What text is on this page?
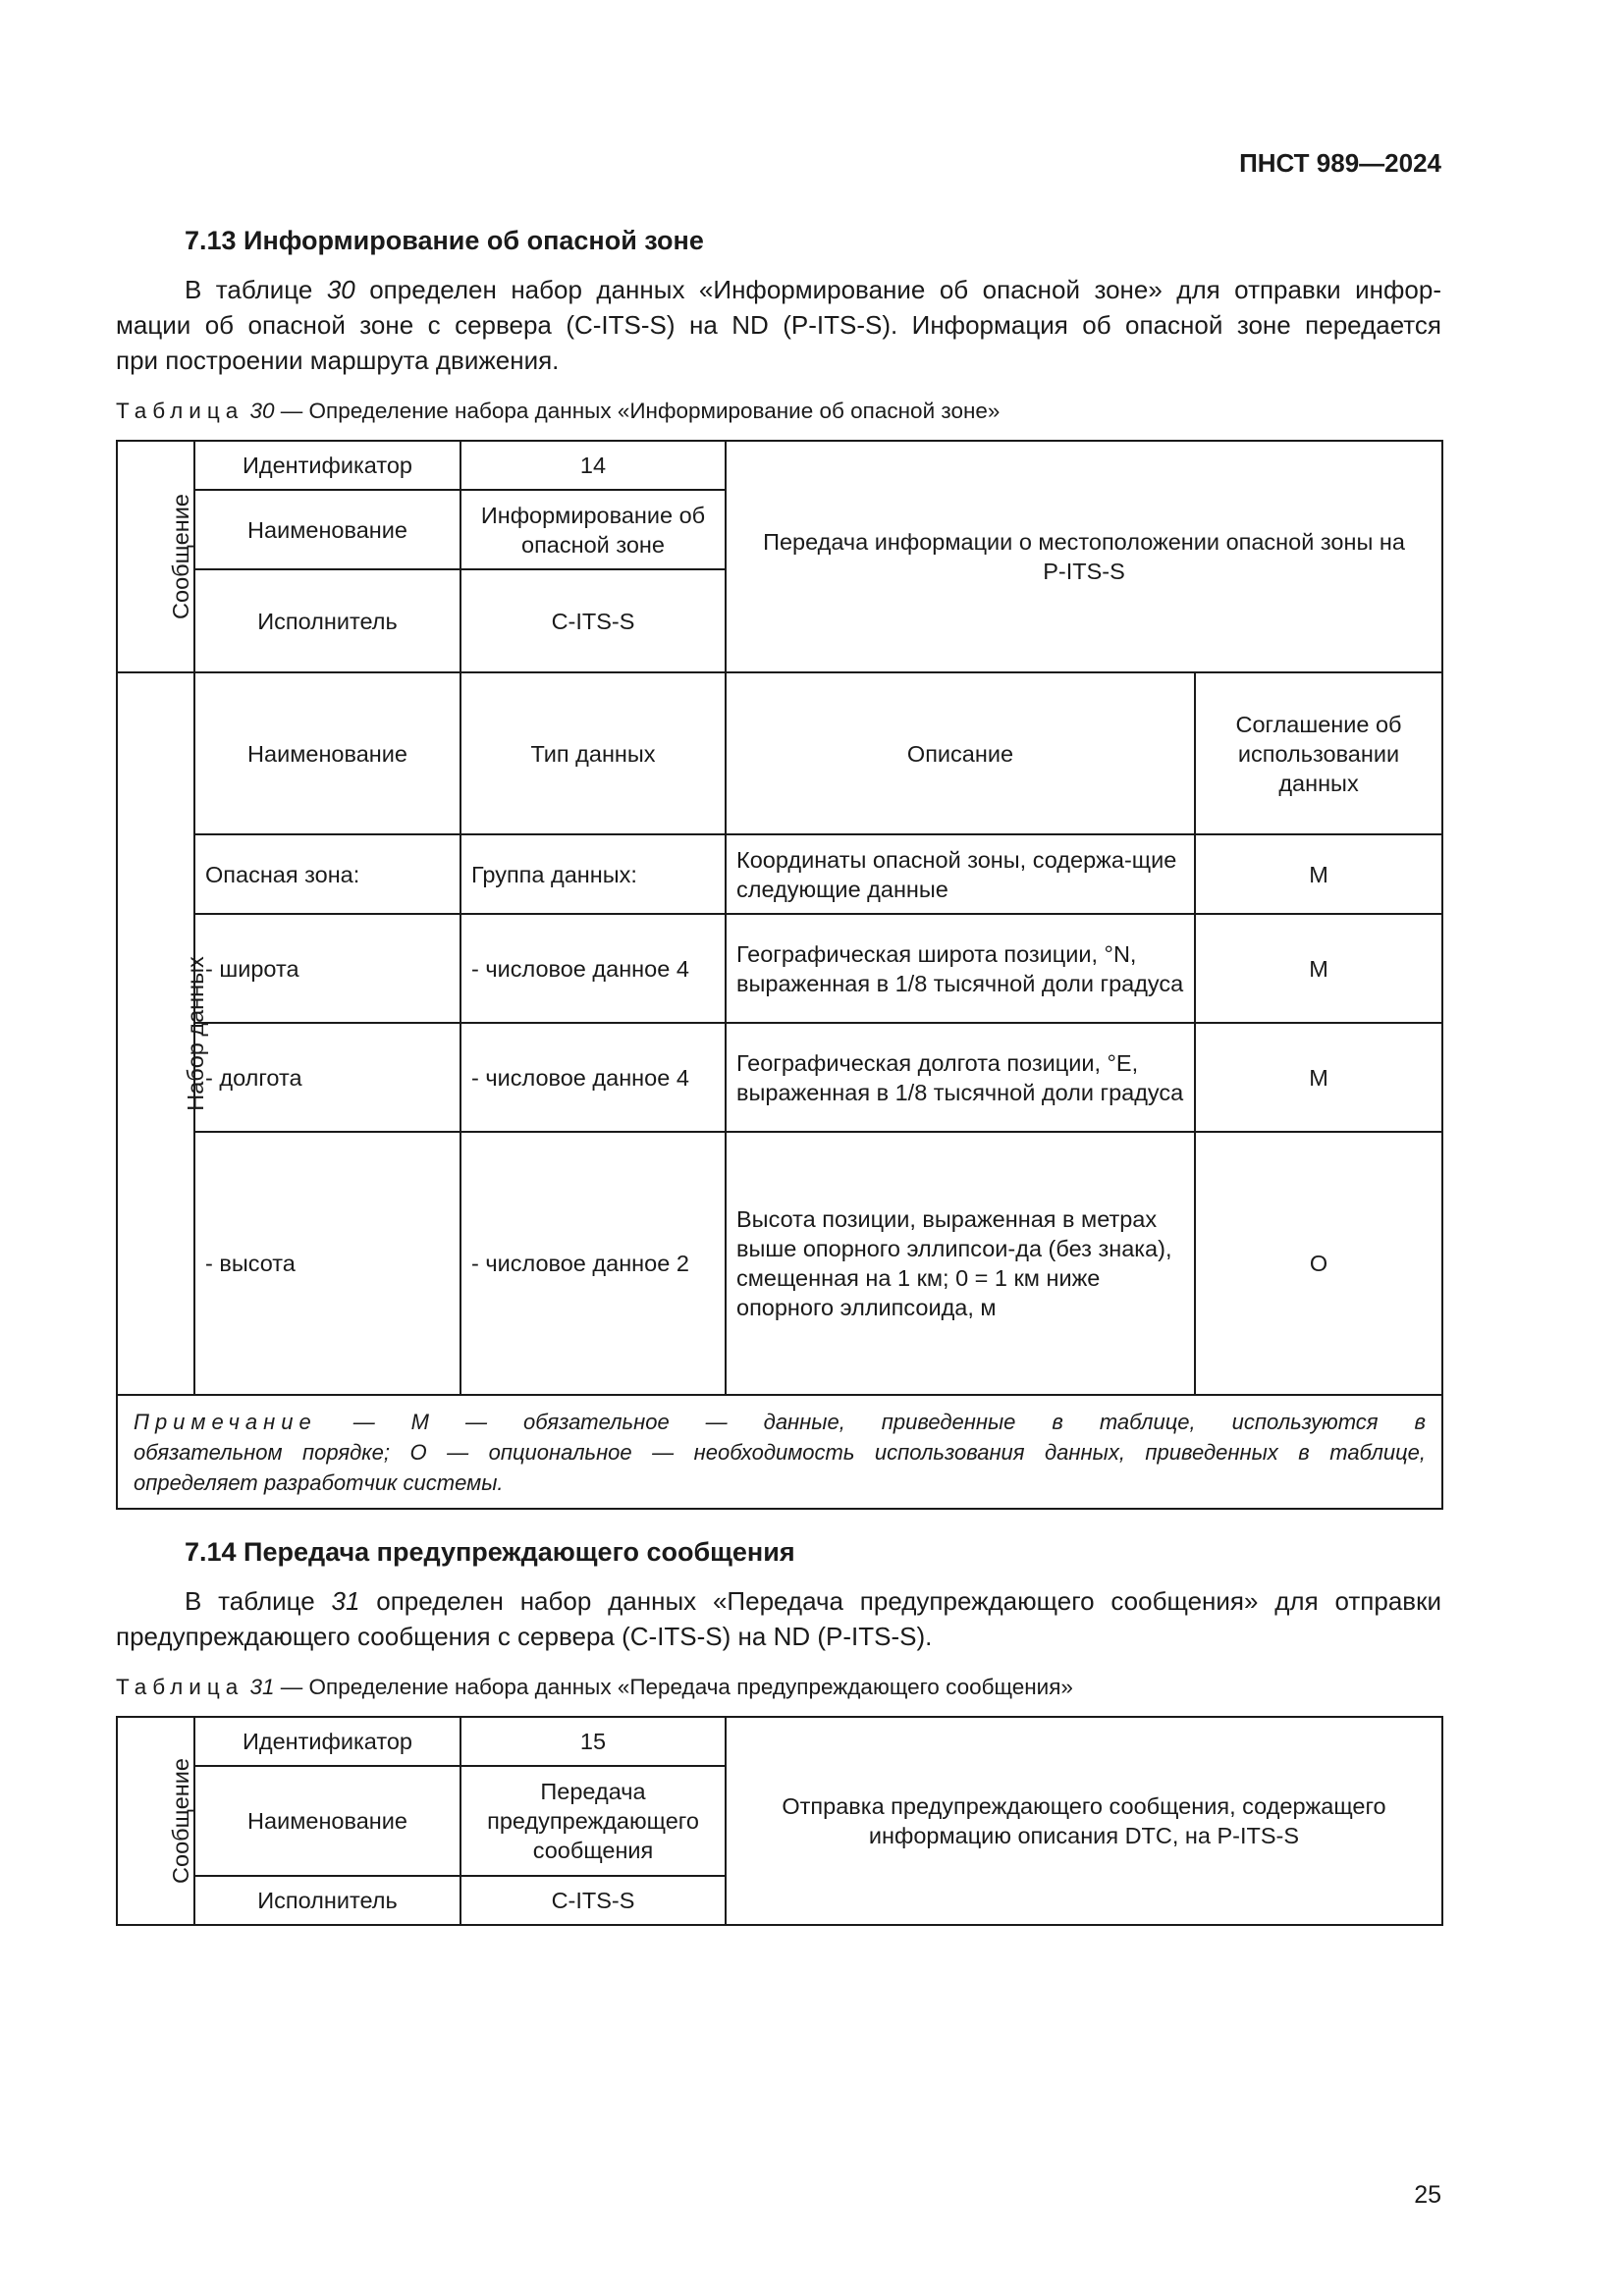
ПНСТ 989—2024
7.13 Информирование об опасной зоне
В таблице 30 определен набор данных «Информирование об опасной зоне» для отправки инфор-
мации об опасной зоне с сервера (C-ITS-S) на ND (P-ITS-S). Информация об опасной зоне передается
при построении маршрута движения.
Таблица 30 — Определение набора данных «Информирование об опасной зоне»
Сообщение	Идентификатор	14	Передача информации о местоположении опасной зоны на P-ITS-S	
	Наименование	Информирование об опасной зоне		
	Исполнитель	C-ITS-S		
Набор данных	Наименование	Тип данных	Описание	Соглашение об использовании данных
	Опасная зона:	Группа данных:	Координаты опасной зоны, содержа-щие следующие данные	M
	- широта	- числовое данное 4	Географическая широта позиции, °N, выраженная в 1/8 тысячной доли градуса	M
	- долгота	- числовое данное 4	Географическая долгота позиции, °E, выраженная в 1/8 тысячной доли градуса	M
	- высота	- числовое данное 2	Высота позиции, выраженная в метрах выше опорного эллипсои-да (без знака), смещенная на 1 км; 0 = 1 км ниже опорного эллипсоида, м	O

Примечание — M — обязательное — данные, приведенные в таблице, используются в
обязательном порядке; O — опциональное — необходимость использования данных, приведенных в таблице,
определяет разработчик системы.				
7.14 Передача предупреждающего сообщения
В таблице 31 определен набор данных «Передача предупреждающего сообщения» для отправки
предупреждающего сообщения с сервера (C-ITS-S) на ND (P-ITS-S).
Таблица 31 — Определение набора данных «Передача предупреждающего сообщения»
Сообщение	Идентификатор	15	Отправка предупреждающего сообщения, содержащего информацию описания DTC, на P-ITS-S
	Наименование	Передача предупреждающего сообщения	
	Исполнитель	C-ITS-S	
25
